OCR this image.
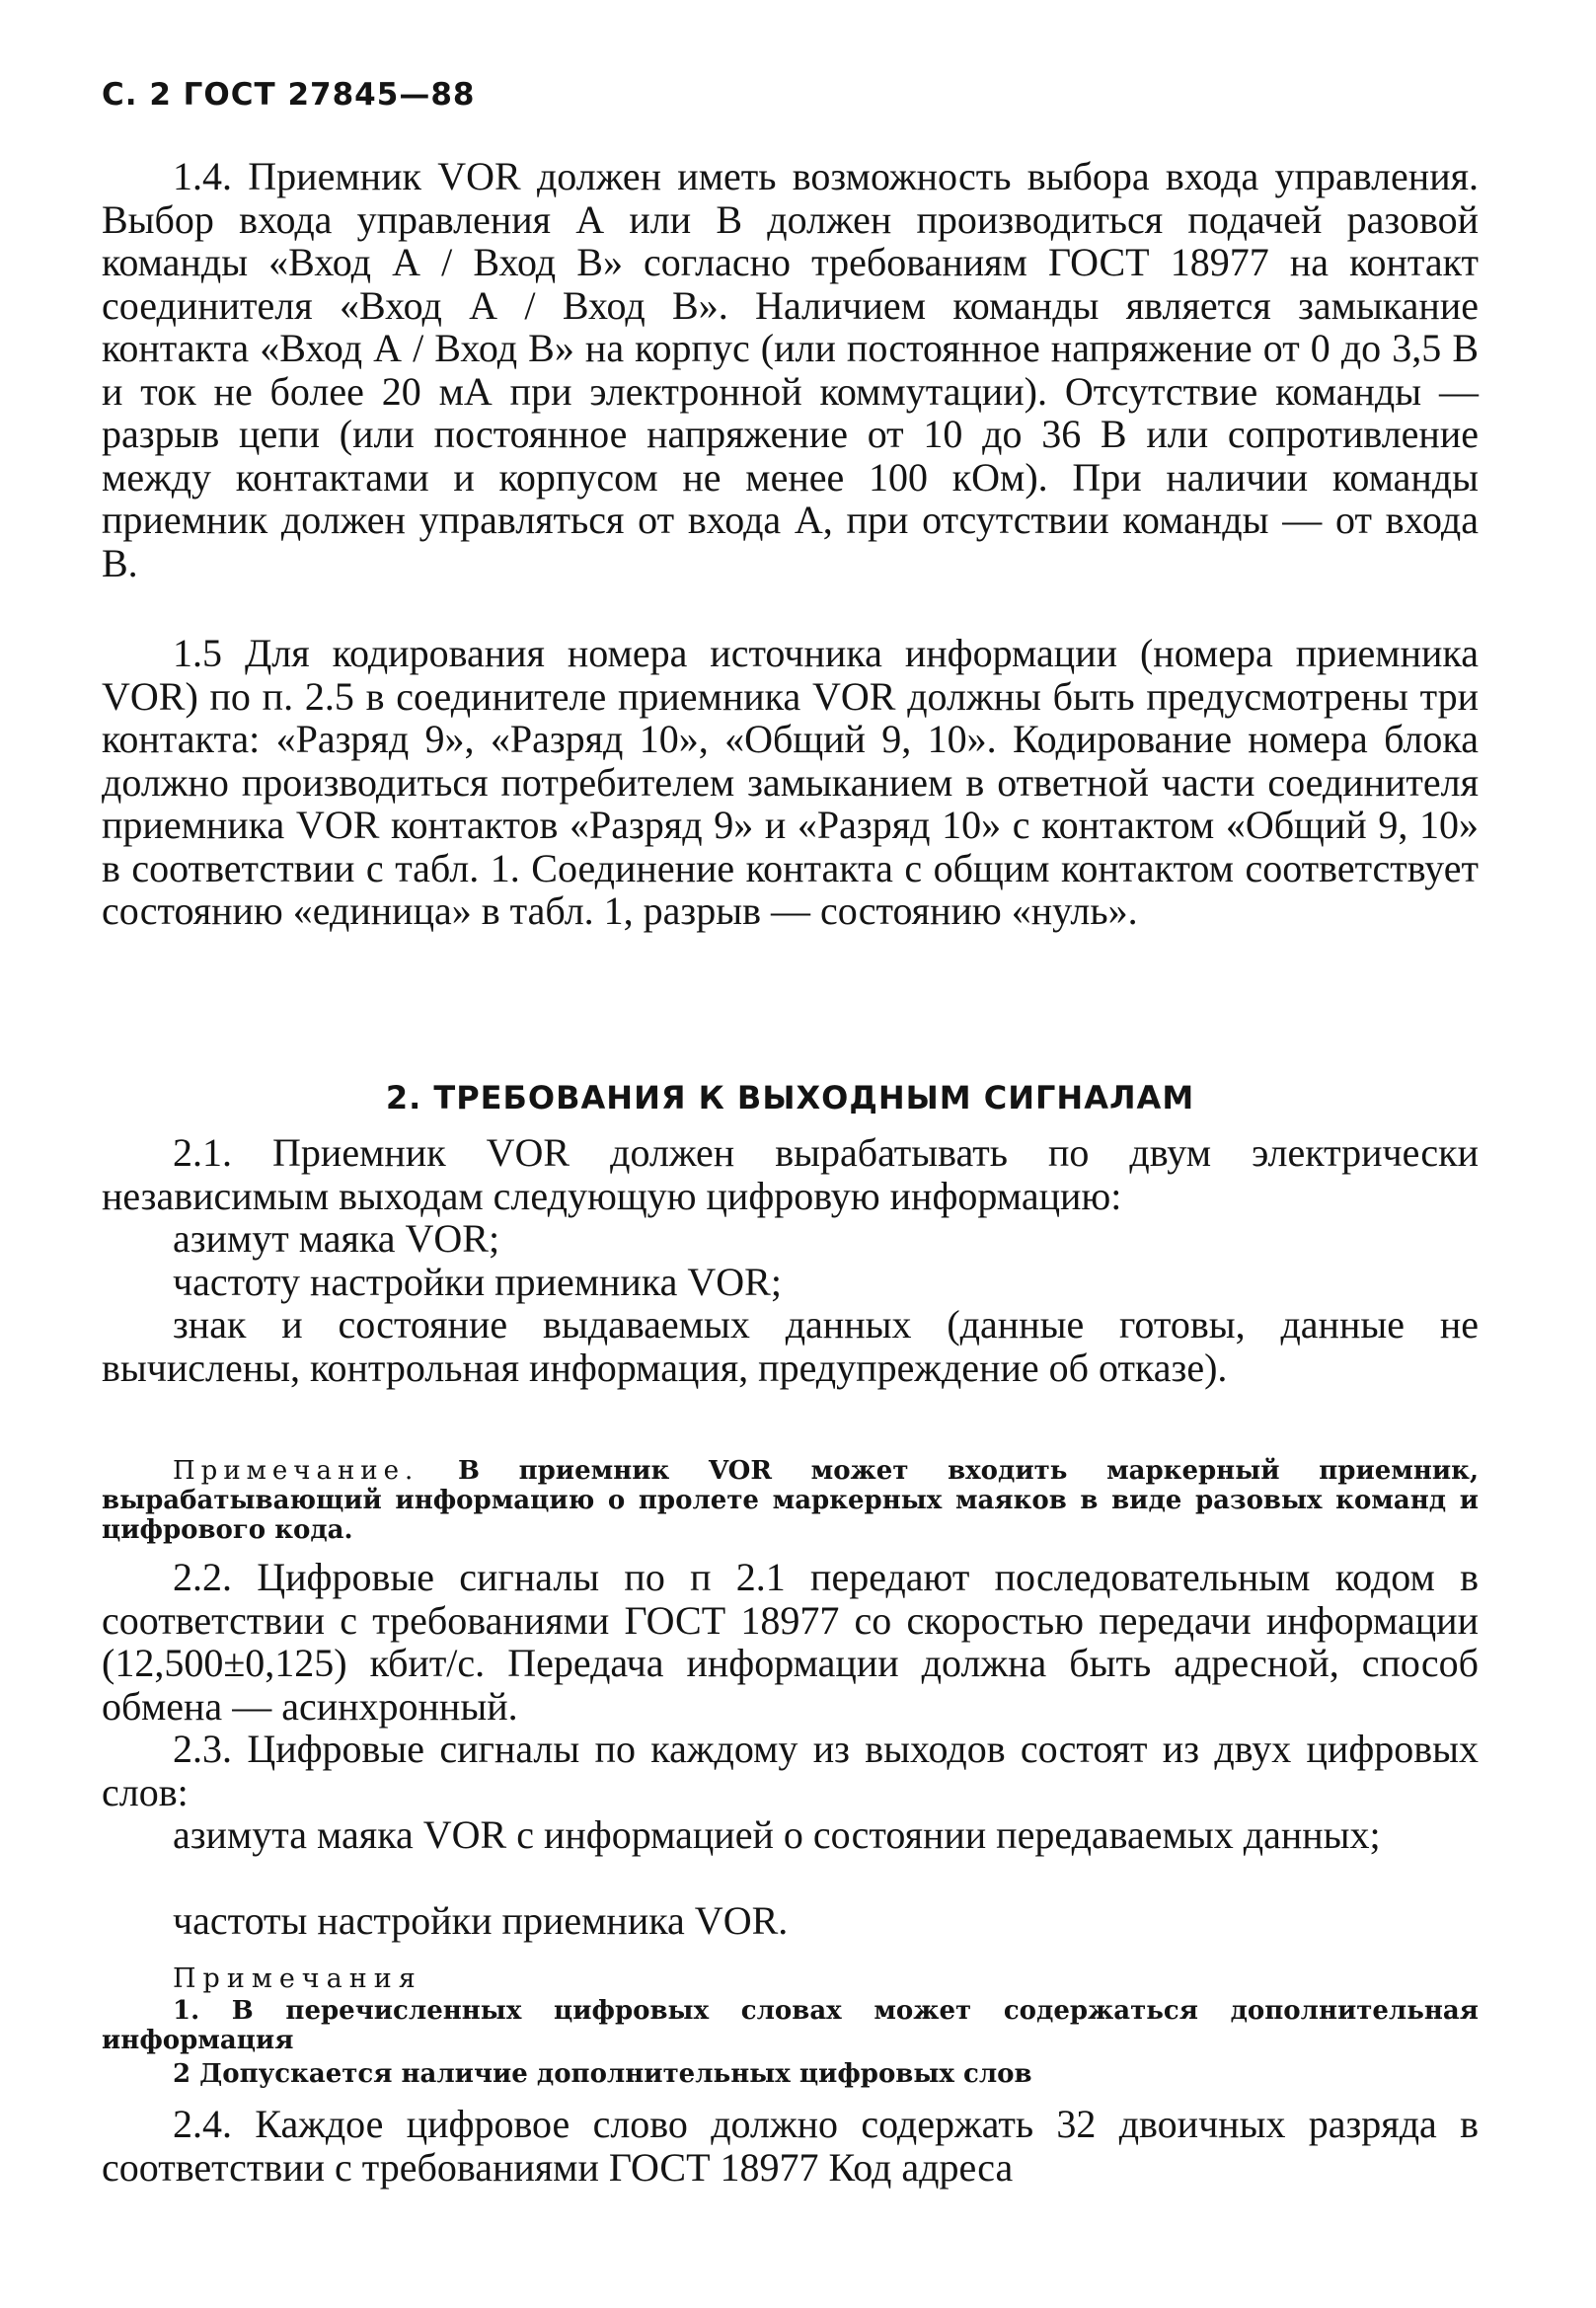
С. 2 ГОСТ 27845—88

1.4. Приемник VOR должен иметь возможность выбора входа управления. Выбор входа управления А или В должен производиться подачей разовой команды «Вход А / Вход В» согласно требованиям ГОСТ 18977 на контакт соединителя «Вход А / Вход В». Наличием команды является замыкание контакта «Вход А / Вход В» на корпус (или постоянное напряжение от 0 до 3,5 В и ток не более 20 мА при электронной коммутации). Отсутствие команды — разрыв цепи (или постоянное напряжение от 10 до 36 В или сопротивление между контактами и корпусом не менее 100 кОм). При наличии команды приемник должен управляться от входа А, при отсутствии команды — от входа В.

1.5 Для кодирования номера источника информации (номера приемника VOR) по п. 2.5 в соединителе приемника VOR должны быть предусмотрены три контакта: «Разряд 9», «Разряд 10», «Общий 9, 10». Кодирование номера блока должно производиться потребителем замыканием в ответной части соединителя приемника VOR контактов «Разряд 9» и «Разряд 10» с контактом «Общий 9, 10» в соответствии с табл. 1. Соединение контакта с общим контактом соответствует состоянию «единица» в табл. 1, разрыв — состоянию «нуль».

2. ТРЕБОВАНИЯ К ВЫХОДНЫМ СИГНАЛАМ

2.1. Приемник VOR должен вырабатывать по двум электрически независимым выходам следующую цифровую информацию:

азимут маяка VOR;

частоту настройки приемника VOR;

знак и состояние выдаваемых данных (данные готовы, данные не вычислены, контрольная информация, предупреждение об отказе).

Примечание. В приемник VOR может входить маркерный приемник, вырабатывающий информацию о пролете маркерных маяков в виде разовых команд и цифрового кода.

2.2. Цифровые сигналы по п 2.1 передают последовательным кодом в соответствии с требованиями ГОСТ 18977 со скоростью передачи информации (12,500±0,125) кбит/с. Передача информации должна быть адресной, способ обмена — асинхронный.

2.3. Цифровые сигналы по каждому из выходов состоят из двух цифровых слов:

азимута маяка VOR с информацией о состоянии передаваемых данных;

частоты настройки приемника VOR.

Примечания

1. В перечисленных цифровых словах может содержаться дополнительная информация

2 Допускается наличие дополнительных цифровых слов

2.4. Каждое цифровое слово должно содержать 32 двоичных разряда в соответствии с требованиями ГОСТ 18977 Код адреса
